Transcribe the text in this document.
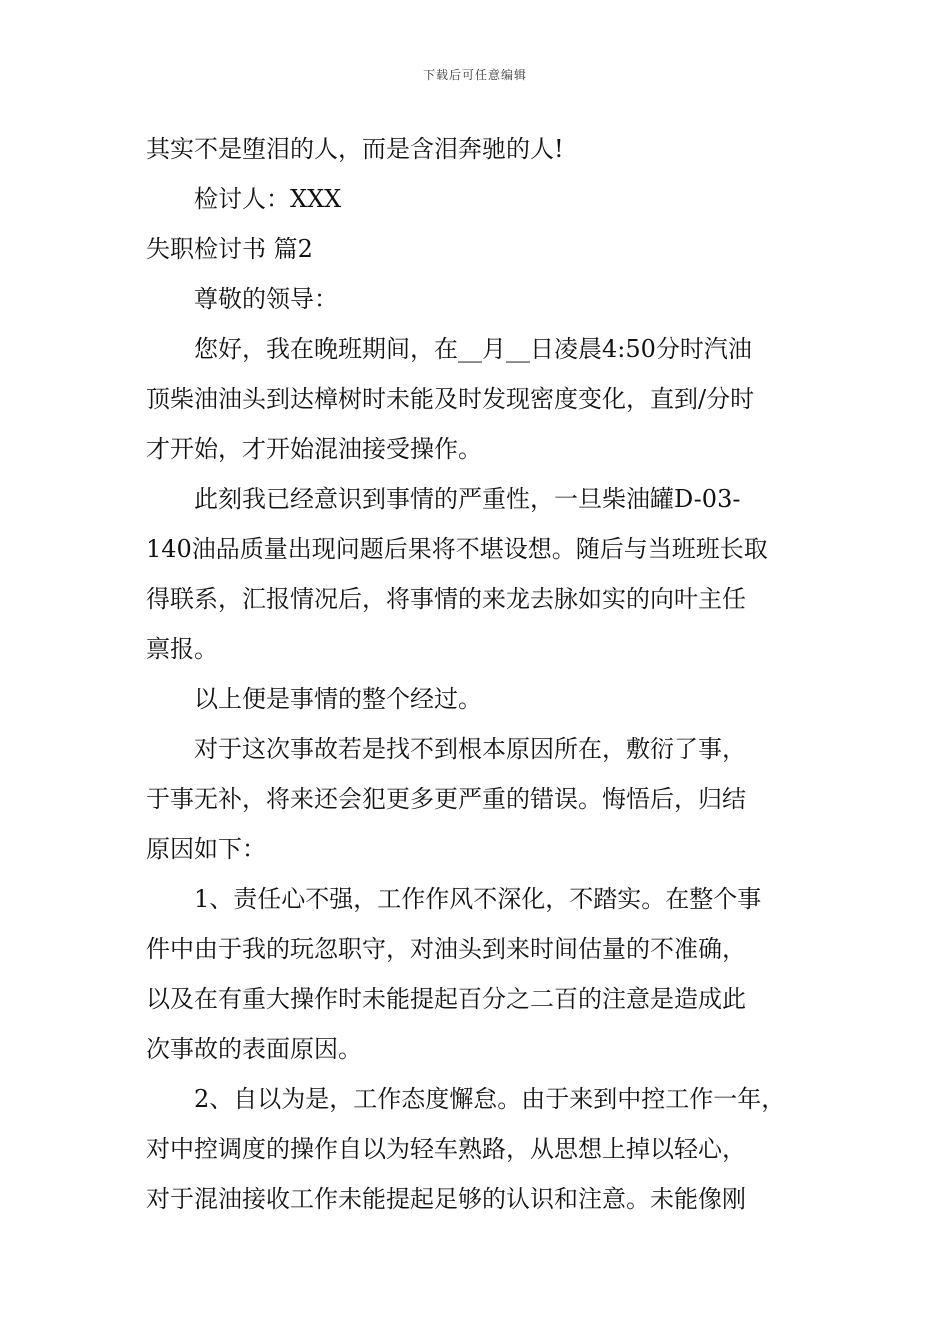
下载后可任意编辑
其实不是堕泪的人，而是含泪奔驰的人!
检讨人：XXX
失职检讨书 篇2
尊敬的领导：
您好，我在晚班期间，在__月__日凌晨4:50分时汽油
顶柴油油头到达樟树时未能及时发现密度变化，直到/分时
才开始，才开始混油接受操作。
此刻我已经意识到事情的严重性，一旦柴油罐D-03-
140油品质量出现问题后果将不堪设想。随后与当班班长取
得联系，汇报情况后，将事情的来龙去脉如实的向叶主任
禀报。
以上便是事情的整个经过。
对于这次事故若是找不到根本原因所在，敷衍了事，
于事无补，将来还会犯更多更严重的错误。悔悟后，归结
原因如下：
1、责任心不强，工作作风不深化，不踏实。在整个事
件中由于我的玩忽职守，对油头到来时间估量的不准确，
以及在有重大操作时未能提起百分之二百的注意是造成此
次事故的表面原因。
2、自以为是，工作态度懈怠。由于来到中控工作一年，
对中控调度的操作自以为轻车熟路，从思想上掉以轻心，
对于混油接收工作未能提起足够的认识和注意。未能像刚
